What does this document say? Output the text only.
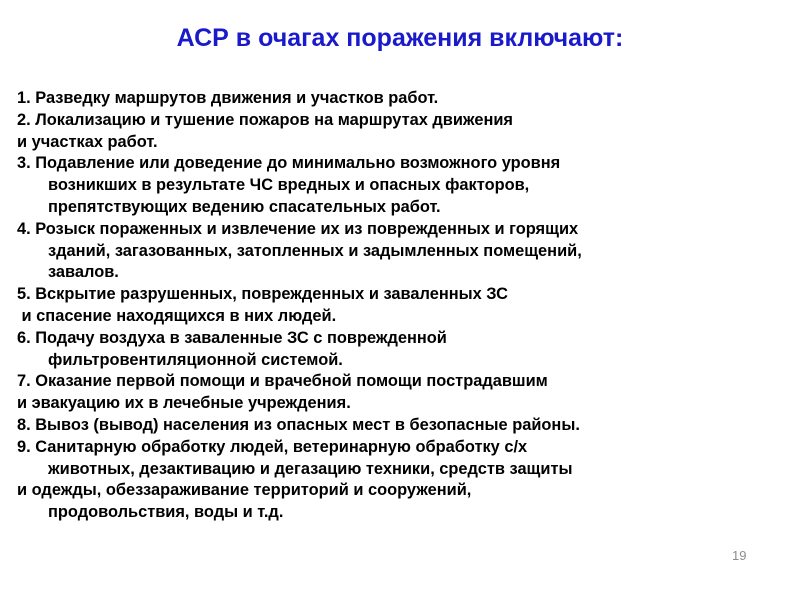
АСР в очагах поражения включают:
1. Разведку маршрутов движения и участков работ.
2. Локализацию и тушение пожаров на маршрутах движения
и участках работ.
3. Подавление или доведение до минимально возможного уровня
возникших в результате ЧС вредных и опасных факторов,
препятствующих ведению спасательных работ.
4. Розыск пораженных и извлечение их из поврежденных и горящих
зданий, загазованных, затопленных и задымленных помещений,
завалов.
5. Вскрытие разрушенных, поврежденных и заваленных ЗС
и спасение находящихся в них людей.
6. Подачу воздуха в заваленные ЗС с поврежденной
фильтровентиляционной системой.
7. Оказание первой помощи и врачебной помощи пострадавшим
и эвакуацию их в лечебные учреждения.
8. Вывоз (вывод) населения из опасных мест в безопасные районы.
9. Санитарную обработку людей, ветеринарную обработку с/х
животных, дезактивацию и дегазацию техники, средств защиты
и одежды, обеззараживание территорий и сооружений,
продовольствия, воды и т.д.
19
